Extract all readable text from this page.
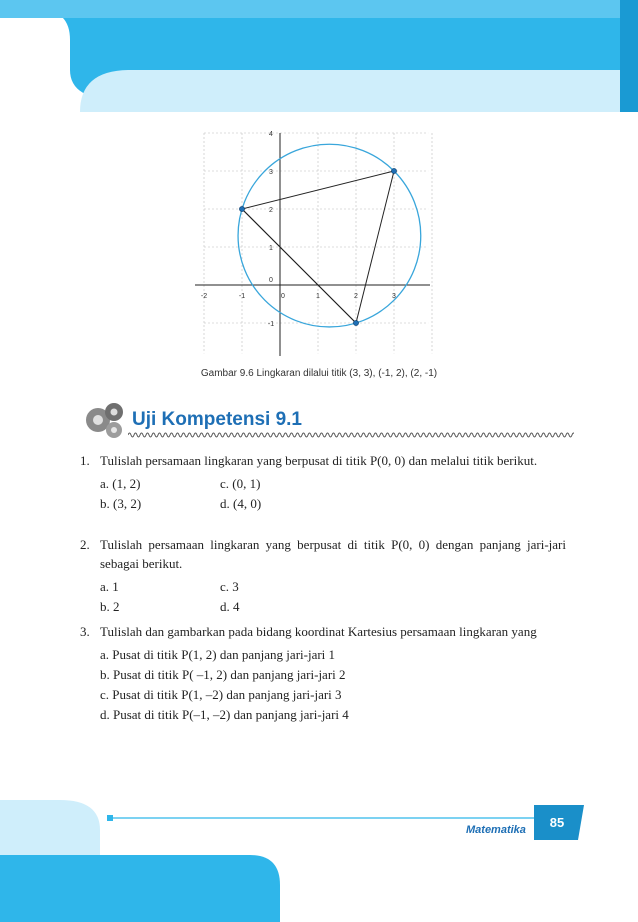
4
3
2
1
0
-1
-2	-1	0	1	2	3
Gambar 9.6 Lingkaran dilalui titik (3, 3), (-1, 2), (2, -1)
Uji Kompetensi 9.1
1. Tulislah persamaan lingkaran yang berpusat di titik P(0, 0) dan melalui titik berikut.
a. (1, 2)	c. (0, 1)
b. (3, 2)	d. (4, 0)
2. Tulislah persamaan lingkaran yang berpusat di titik P(0, 0) dengan panjang jari-jari sebagai berikut.
a. 1	c. 3
b. 2	d. 4
3. Tulislah dan gambarkan pada bidang koordinat Kartesius persamaan lingkaran yang
a. Pusat di titik P(1, 2) dan panjang jari-jari 1
b. Pusat di titik P( –1, 2) dan panjang jari-jari 2
c. Pusat di titik P(1, –2) dan panjang jari-jari 3
d. Pusat di titik P(–1, –2) dan panjang jari-jari 4
Matematika	85
